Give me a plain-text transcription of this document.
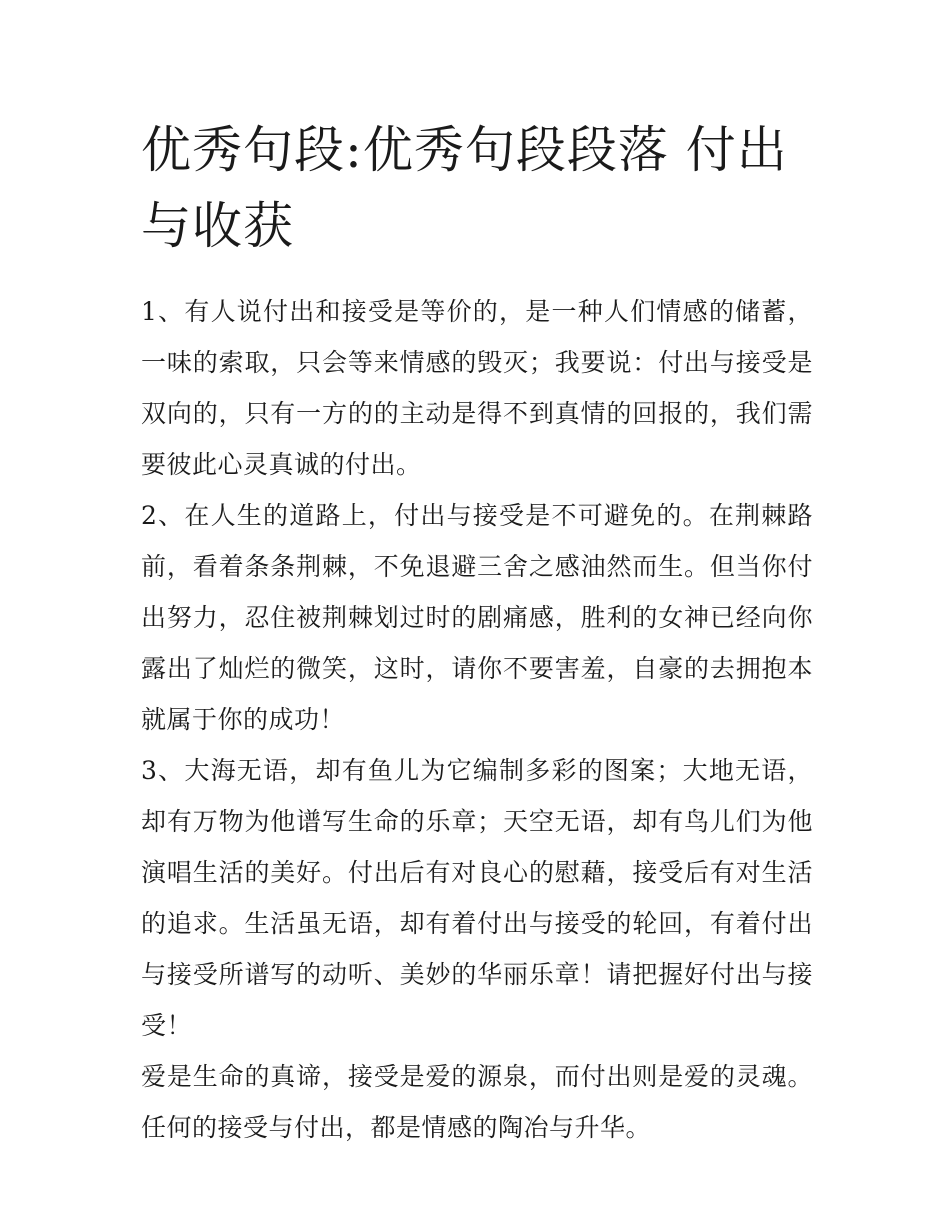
优秀句段:优秀句段段落 付出与收获

1、有人说付出和接受是等价的，是一种人们情感的储蓄，一味的索取，只会等来情感的毁灭；我要说：付出与接受是双向的，只有一方的的主动是得不到真情的回报的，我们需要彼此心灵真诚的付出。

2、在人生的道路上，付出与接受是不可避免的。在荆棘路前，看着条条荆棘，不免退避三舍之感油然而生。但当你付出努力，忍住被荆棘划过时的剧痛感，胜利的女神已经向你露出了灿烂的微笑，这时，请你不要害羞，自豪的去拥抱本就属于你的成功！

3、大海无语，却有鱼儿为它编制多彩的图案；大地无语，却有万物为他谱写生命的乐章；天空无语，却有鸟儿们为他演唱生活的美好。付出后有对良心的慰藉，接受后有对生活的追求。生活虽无语，却有着付出与接受的轮回，有着付出与接受所谱写的动听、美妙的华丽乐章！请把握好付出与接受！

爱是生命的真谛，接受是爱的源泉，而付出则是爱的灵魂。任何的接受与付出，都是情感的陶冶与升华。
